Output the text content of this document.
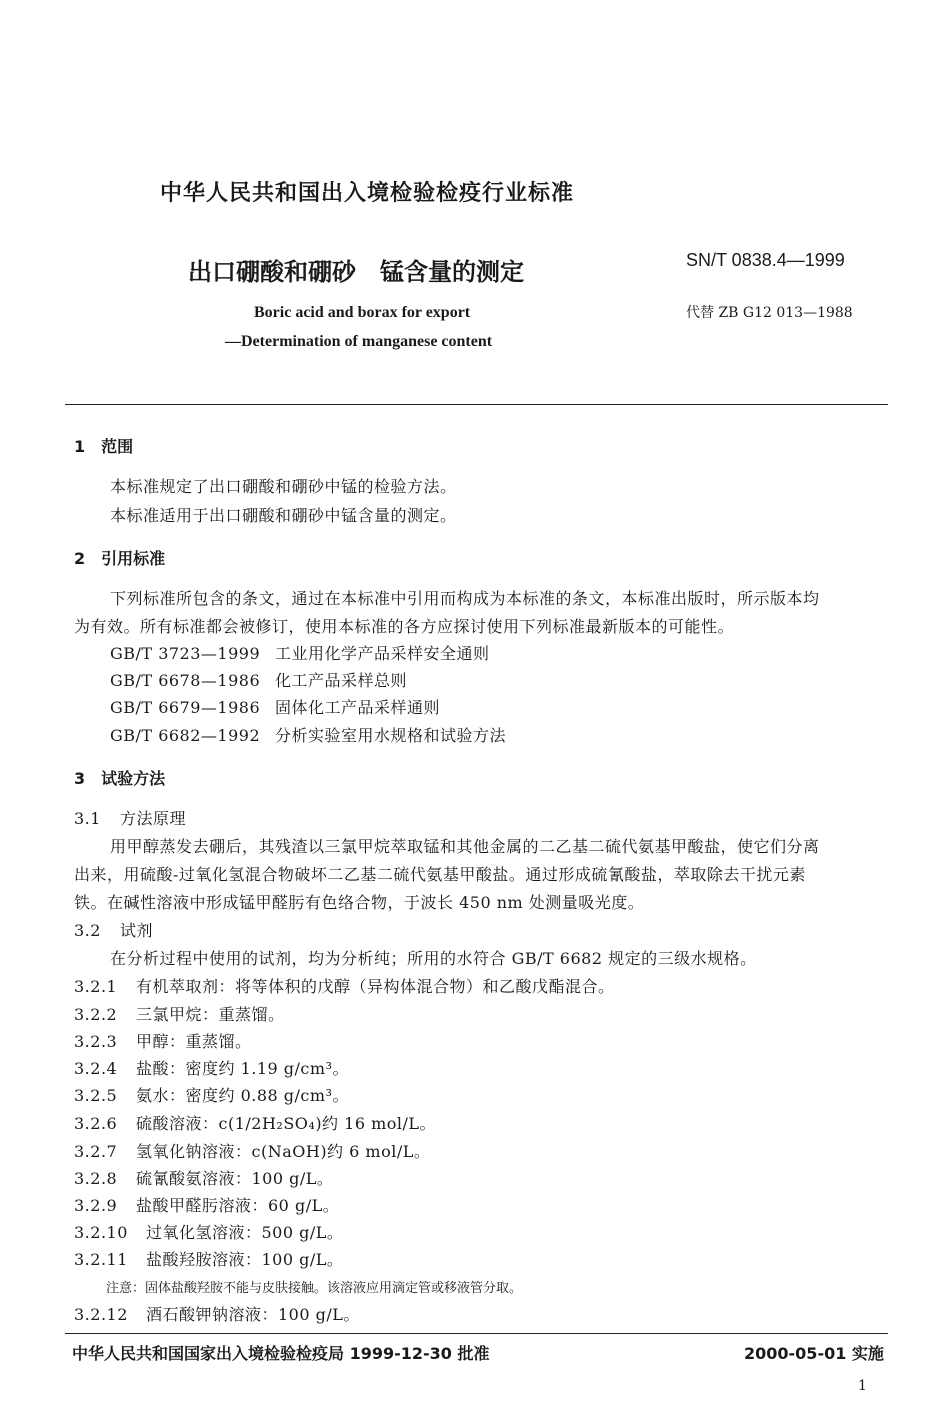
中华人民共和国出入境检验检疫行业标准
出口硼酸和硼砂　锰含量的测定	SN/T 0838.4—1999
Boric acid and borax for export
—Determination of manganese content
代替 ZB G12 013—1988
1　范围
本标准规定了出口硼酸和硼砂中锰的检验方法。
本标准适用于出口硼酸和硼砂中锰含量的测定。
2　引用标准
下列标准所包含的条文，通过在本标准中引用而构成为本标准的条文，本标准出版时，所示版本均
为有效。所有标准都会被修订，使用本标准的各方应探讨使用下列标准最新版本的可能性。
GB/T 3723—1999 工业用化学产品采样安全通则
GB/T 6678—1986 化工产品采样总则
GB/T 6679—1986 固体化工产品采样通则
GB/T 6682—1992 分析实验室用水规格和试验方法
3　试验方法
3.1 方法原理
用甲醇蒸发去硼后，其残渣以三氯甲烷萃取锰和其他金属的二乙基二硫代氨基甲酸盐，使它们分离
出来，用硫酸-过氧化氢混合物破坏二乙基二硫代氨基甲酸盐。通过形成硫氰酸盐，萃取除去干扰元素
铁。在碱性溶液中形成锰甲醛肟有色络合物，于波长 450 nm 处测量吸光度。
3.2 试剂
在分析过程中使用的试剂，均为分析纯；所用的水符合 GB/T 6682 规定的三级水规格。
3.2.1 有机萃取剂：将等体积的戊醇（异构体混合物）和乙酸戊酯混合。
3.2.2 三氯甲烷：重蒸馏。
3.2.3 甲醇：重蒸馏。
3.2.4 盐酸：密度约 1.19 g/cm³。
3.2.5 氨水：密度约 0.88 g/cm³。
3.2.6 硫酸溶液：c(1/2H₂SO₄)约 16 mol/L。
3.2.7 氢氧化钠溶液：c(NaOH)约 6 mol/L。
3.2.8 硫氰酸氨溶液：100 g/L。
3.2.9 盐酸甲醛肟溶液：60 g/L。
3.2.10 过氧化氢溶液：500 g/L。
3.2.11 盐酸羟胺溶液：100 g/L。
注意：固体盐酸羟胺不能与皮肤接触。该溶液应用滴定管或移液管分取。
3.2.12 酒石酸钾钠溶液：100 g/L。
中华人民共和国国家出入境检验检疫局 1999-12-30 批准	2000-05-01 实施
1
